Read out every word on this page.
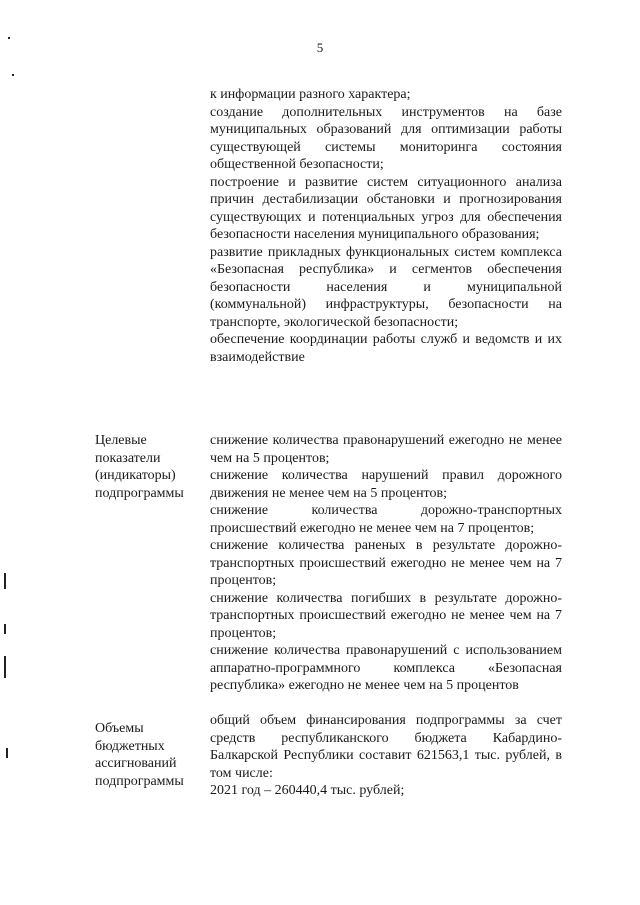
5

к информации разного характера;

создание дополнительных инструментов на базе муниципальных образований для оптимизации работы существующей системы мониторинга состояния общественной безопасности;

построение и развитие систем ситуационного анализа причин дестабилизации обстановки и прогнозирования существующих и потенциальных угроз для обеспечения безопасности населения муниципального образования;

развитие прикладных функциональных систем комплекса «Безопасная республика» и сегментов обеспечения безопасности населения и муниципальной (коммунальной) инфраструктуры, безопасности на транспорте, экологической безопасности;

обеспечение координации работы служб и ведомств и их взаимодействие

Целевые
показатели
(индикаторы)
подпрограммы

снижение количества правонарушений ежегодно не менее чем на 5 процентов;

снижение количества нарушений правил дорожного движения не менее чем на 5 процентов;

снижение количества дорожно-транспортных происшествий ежегодно не менее чем на 7 процентов;

снижение количества раненых в результате дорожно-транспортных происшествий ежегодно не менее чем на 7 процентов;

снижение количества погибших в результате дорожно-транспортных происшествий ежегодно не менее чем на 7 процентов;

снижение количества правонарушений с использованием аппаратно-программного комплекса «Безопасная республика» ежегодно не менее чем на 5 процентов

Объемы
бюджетных
ассигнований
подпрограммы

общий объем финансирования подпрограммы за счет средств республиканского бюджета Кабардино-Балкарской Республики составит 621563,1 тыс. рублей, в том числе:

2021 год – 260440,4 тыс. рублей;
